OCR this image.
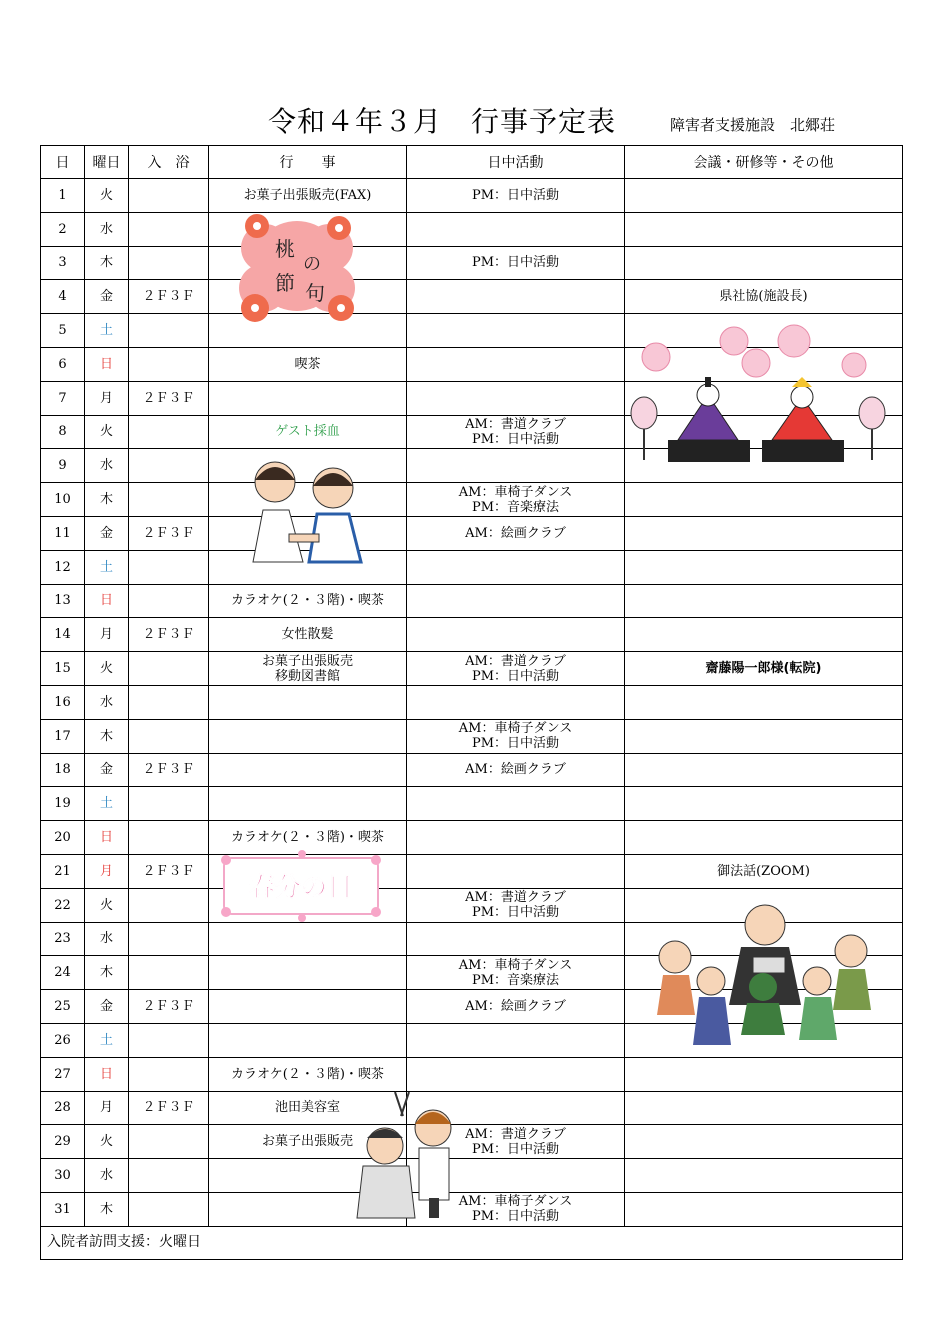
令和４年３月　行事予定表	障害者支援施設　北郷荘
日	曜日	入　浴	行　　事	日中活動	会議・研修等・その他
1	火		お菓子出張販売(FAX)	PM：日中活動	
2	水				
3	木			PM：日中活動	
4	金	２Ｆ３Ｆ			県社協(施設長)
5	土				
6	日		喫茶		
7	月	２Ｆ３Ｆ			
8	火		ゲスト採血	AM：書道クラブ
PM：日中活動	
9	水				
10	木			AM：車椅子ダンス
PM：音楽療法	
11	金	２Ｆ３Ｆ		AM：絵画クラブ	
12	土				
13	日		カラオケ(２・３階)・喫茶		
14	月	２Ｆ３Ｆ	女性散髪		
15	火		お菓子出張販売
移動図書館	AM：書道クラブ
PM：日中活動	齋藤陽一郎様(転院)
16	水				
17	木			AM：車椅子ダンス
PM：日中活動	
18	金	２Ｆ３Ｆ		AM：絵画クラブ	
19	土				
20	日		カラオケ(２・３階)・喫茶		
21	月	２Ｆ３Ｆ			御法話(ZOOM)
22	火			AM：書道クラブ
PM：日中活動	
23	水				
24	木			AM：車椅子ダンス
PM：音楽療法	
25	金	２Ｆ３Ｆ		AM：絵画クラブ	
26	土				
27	日		カラオケ(２・３階)・喫茶		
28	月	２Ｆ３Ｆ	池田美容室		
29	火		お菓子出張販売	AM：書道クラブ
PM：日中活動	
30	水				
31	木			AM：車椅子ダンス
PM：日中活動	
入院者訪問支援：火曜日					
桃
の
節 句
春分の日
